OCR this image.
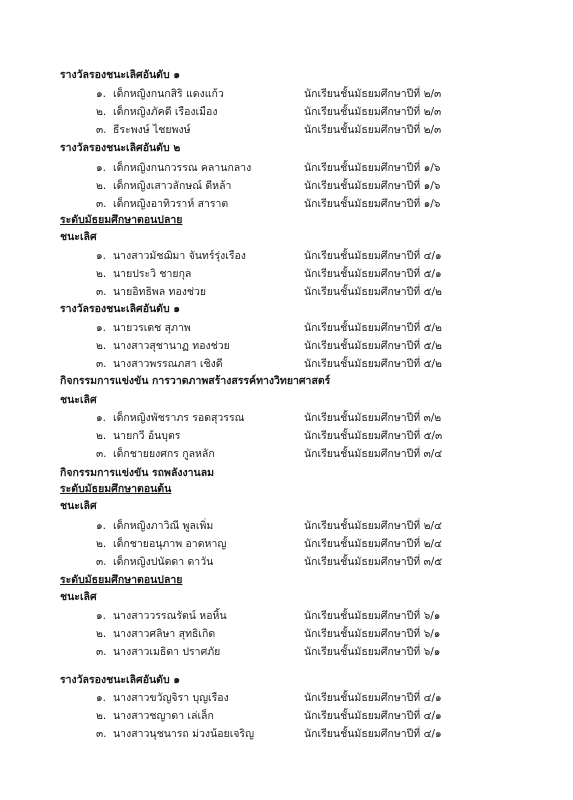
รางวัลรองชนะเลิศอันดับ ๑
๑. เด็กหญิงกนกสิริ แดงแก้ว	นักเรียนชั้นมัธยมศึกษาปีที่ ๒/๓
๒. เด็กหญิงภัคดี เรืองเมือง	นักเรียนชั้นมัธยมศึกษาปีที่ ๒/๓
๓. ธีระพงษ์ ไชยพงษ์	นักเรียนชั้นมัธยมศึกษาปีที่ ๒/๓
รางวัลรองชนะเลิศอันดับ ๒
๑. เด็กหญิงกนกวรรณ คลานกลาง	นักเรียนชั้นมัธยมศึกษาปีที่ ๑/๖
๒. เด็กหญิงเสาวลักษณ์ ดีหล้า	นักเรียนชั้นมัธยมศึกษาปีที่ ๑/๖
๓. เด็กหญิงอาทิวราห์ สาราต	นักเรียนชั้นมัธยมศึกษาปีที่ ๑/๖
ระดับมัธยมศึกษาตอนปลาย
ชนะเลิศ
๑. นางสาวมัชฌิมา จันทร์รุ่งเรือง	นักเรียนชั้นมัธยมศึกษาปีที่ ๔/๑
๒. นายประวิ ชายกุล	นักเรียนชั้นมัธยมศึกษาปีที่ ๕/๑
๓. นายอิทธิพล ทองช่วย	นักเรียนชั้นมัธยมศึกษาปีที่ ๕/๒
รางวัลรองชนะเลิศอันดับ ๑
๑. นายวรเดช สุภาพ	นักเรียนชั้นมัธยมศึกษาปีที่ ๕/๒
๒. นางสาวสุชานาฏ ทองช่วย	นักเรียนชั้นมัธยมศึกษาปีที่ ๕/๒
๓. นางสาวพรรณภสา เชิงดี	นักเรียนชั้นมัธยมศึกษาปีที่ ๕/๒
กิจกรรมการแข่งขัน การวาดภาพสร้างสรรค์ทางวิทยาศาสตร์
ชนะเลิศ
๑. เด็กหญิงพัชราภร รอดสุวรรณ	นักเรียนชั้นมัธยมศึกษาปีที่ ๓/๒
๒. นายกวี อ้นบุตร	นักเรียนชั้นมัธยมศึกษาปีที่ ๕/๓
๓. เด็กชายยงศกร กูลหลัก	นักเรียนชั้นมัธยมศึกษาปีที่ ๓/๔
กิจกรรมการแข่งขัน รถพลังงานลม
ระดับมัธยมศึกษาตอนต้น
ชนะเลิศ
๑. เด็กหญิงภาวิณี พูลเพิ่ม	นักเรียนชั้นมัธยมศึกษาปีที่ ๒/๔
๒. เด็กชายอนุภาพ อาดหาญ	นักเรียนชั้นมัธยมศึกษาปีที่ ๒/๔
๓. เด็กหญิงปนัดดา ดาวัน	นักเรียนชั้นมัธยมศึกษาปีที่ ๓/๕
ระดับมัธยมศึกษาตอนปลาย
ชนะเลิศ
๑. นางสาววรรณรัตน์ หอหิ้น	นักเรียนชั้นมัธยมศึกษาปีที่ ๖/๑
๒. นางสาวศลิษา สุทธิเกิด	นักเรียนชั้นมัธยมศึกษาปีที่ ๖/๑
๓. นางสาวเมธิดา ปราศภัย	นักเรียนชั้นมัธยมศึกษาปีที่ ๖/๑
รางวัลรองชนะเลิศอันดับ ๑
๑. นางสาวขวัญจิรา บุญเรือง	นักเรียนชั้นมัธยมศึกษาปีที่ ๔/๑
๒. นางสาวชญาดา เล่เล็ก	นักเรียนชั้นมัธยมศึกษาปีที่ ๔/๑
๓. นางสาวนุชนารถ ม่วงน้อยเจริญ	นักเรียนชั้นมัธยมศึกษาปีที่ ๔/๑
